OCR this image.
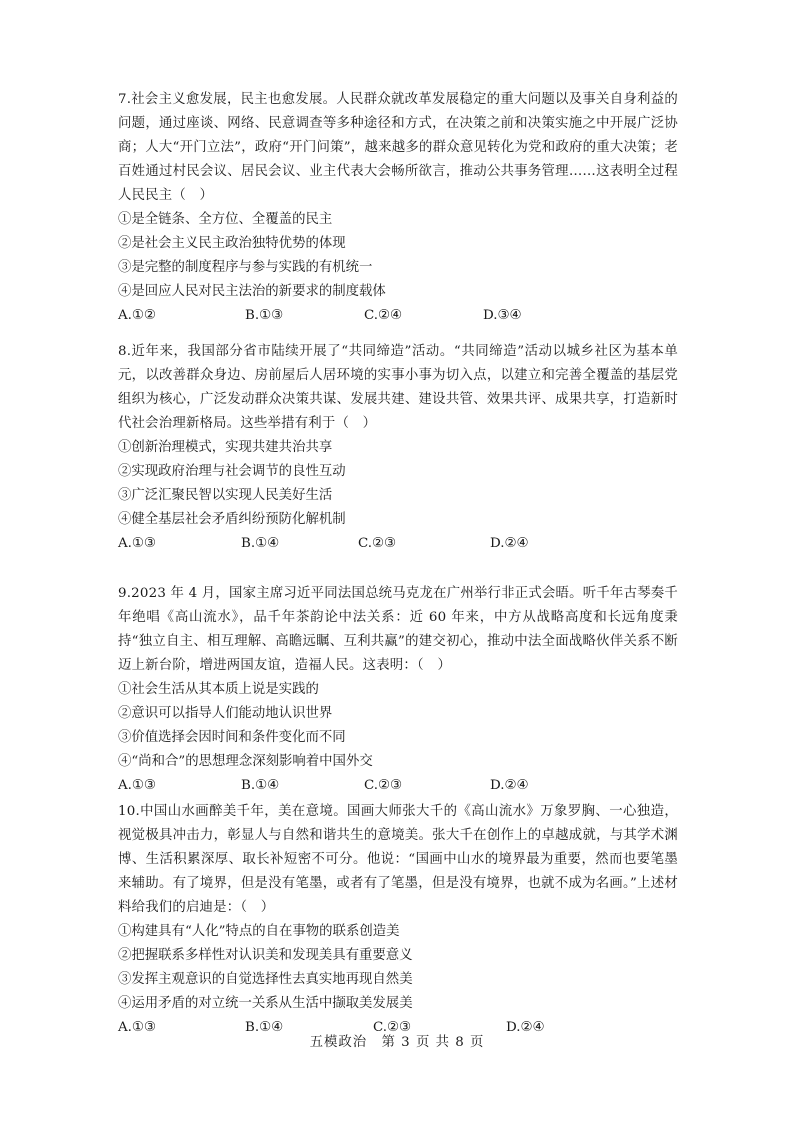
7.社会主义愈发展，民主也愈发展。人民群众就改革发展稳定的重大问题以及事关自身利益的问题，通过座谈、网络、民意调查等多种途径和方式，在决策之前和决策实施之中开展广泛协商；人大“开门立法”，政府“开门问策”，越来越多的群众意见转化为党和政府的重大决策；老百姓通过村民会议、居民会议、业主代表大会畅所欲言，推动公共事务管理……这表明全过程人民民主（　）

①是全链条、全方位、全覆盖的民主

②是社会主义民主政治独特优势的体现

③是完整的制度程序与参与实践的有机统一

④是回应人民对民主法治的新要求的制度载体

A.①②	B.①③	C.②④	D.③④

8.近年来，我国部分省市陆续开展了“共同缔造”活动。“共同缔造”活动以城乡社区为基本单元，以改善群众身边、房前屋后人居环境的实事小事为切入点，以建立和完善全覆盖的基层党组织为核心，广泛发动群众决策共谋、发展共建、建设共管、效果共评、成果共享，打造新时代社会治理新格局。这些举措有利于（　）

①创新治理模式，实现共建共治共享

②实现政府治理与社会调节的良性互动

③广泛汇聚民智以实现人民美好生活

④健全基层社会矛盾纠纷预防化解机制

A.①③	B.①④	C.②③	D.②④

9.2023 年 4 月，国家主席习近平同法国总统马克龙在广州举行非正式会晤。听千年古琴奏千年绝唱《高山流水》，品千年茶韵论中法关系：近 60 年来，中方从战略高度和长远角度秉持“独立自主、相互理解、高瞻远瞩、互利共赢”的建交初心，推动中法全面战略伙伴关系不断迈上新台阶，增进两国友谊，造福人民。这表明：（　）

①社会生活从其本质上说是实践的

②意识可以指导人们能动地认识世界

③价值选择会因时间和条件变化而不同

④“尚和合”的思想理念深刻影响着中国外交

A.①③	B.①④	C.②③	D.②④

10.中国山水画醉美千年，美在意境。国画大师张大千的《高山流水》万象罗胸、一心独造，视觉极具冲击力，彰显人与自然和谐共生的意境美。张大千在创作上的卓越成就，与其学术渊博、生活积累深厚、取长补短密不可分。他说：“国画中山水的境界最为重要，然而也要笔墨来辅助。有了境界，但是没有笔墨，或者有了笔墨，但是没有境界，也就不成为名画。”上述材料给我们的启迪是：（　）

①构建具有“人化”特点的自在事物的联系创造美

②把握联系多样性对认识美和发现美具有重要意义

③发挥主观意识的自觉选择性去真实地再现自然美

④运用矛盾的对立统一关系从生活中撷取美发展美

A.①③	B.①④	C.②③	D.②④
五模政治　第 3 页 共 8 页
